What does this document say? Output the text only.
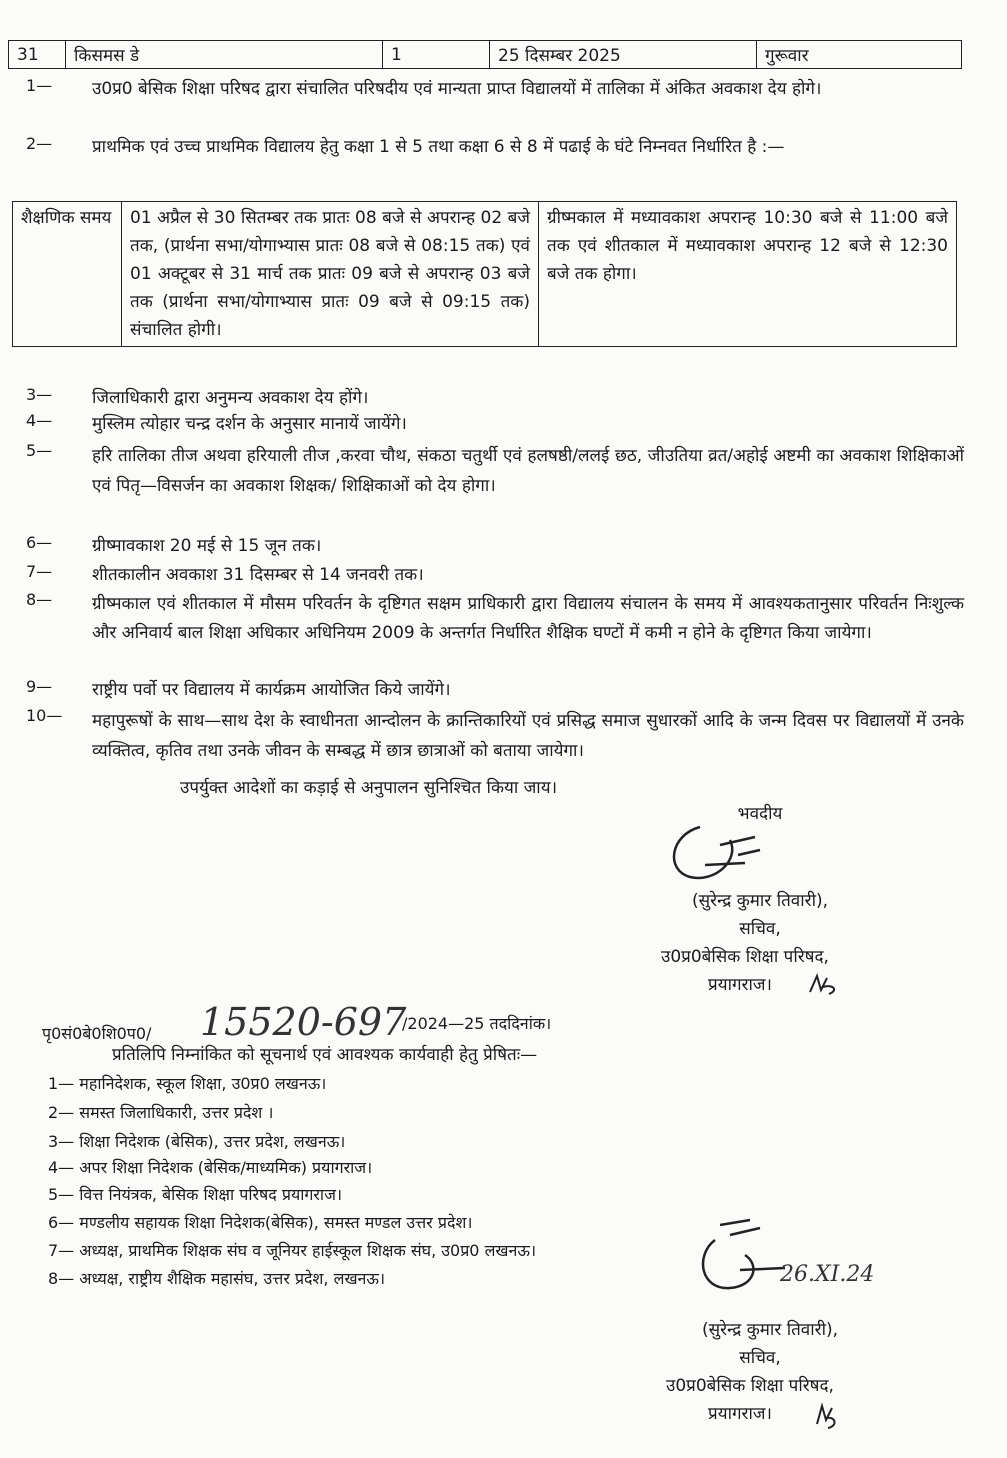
31	किसमस डे	1	25 दिसम्बर 2025	गुरूवार
1— उ0प्र0 बेसिक शिक्षा परिषद द्वारा संचालित परिषदीय एवं मान्यता प्राप्त विद्यालयों में तालिका में अंकित अवकाश देय होगे।
2— प्राथमिक एवं उच्च प्राथमिक विद्यालय हेतु कक्षा 1 से 5 तथा कक्षा 6 से 8 में पढाई के घंटे निम्नवत निर्धारित है :—
शैक्षणिक समय	01 अप्रैल से 30 सितम्बर तक प्रातः 08 बजे से अपरान्ह 02 बजे तक, (प्रार्थना सभा/योगाभ्यास प्रातः 08 बजे से 08:15 तक) एवं 01 अक्टूबर से 31 मार्च तक प्रातः 09 बजे से अपरान्ह 03 बजे तक (प्रार्थना सभा/योगाभ्यास प्रातः 09 बजे से 09:15 तक) संचालित होगी।	ग्रीष्मकाल में मध्यावकाश अपरान्ह 10:30 बजे से 11:00 बजे तक एवं शीतकाल में मध्यावकाश अपरान्ह 12 बजे से 12:30 बजे तक होगा।
3— जिलाधिकारी द्वारा अनुमन्य अवकाश देय होंगे।
4— मुस्लिम त्योहार चन्द्र दर्शन के अनुसार मानायें जायेंगे।
5— हरि तालिका तीज अथवा हरियाली तीज ,करवा चौथ, संकठा चतुर्थी एवं हलषष्ठी/ललई छठ, जीउतिया व्रत/अहोई अष्टमी का अवकाश शिक्षिकाओं एवं पितृ—विसर्जन का अवकाश शिक्षक/ शिक्षिकाओं को देय होगा।
6— ग्रीष्मावकाश 20 मई से 15 जून तक।
7— शीतकालीन अवकाश 31 दिसम्बर से 14 जनवरी तक।
8— ग्रीष्मकाल एवं शीतकाल में मौसम परिवर्तन के दृष्टिगत सक्षम प्राधिकारी द्वारा विद्यालय संचालन के समय में आवश्यकतानुसार परिवर्तन निःशुल्क और अनिवार्य बाल शिक्षा अधिकार अधिनियम 2009 के अन्तर्गत निर्धारित शैक्षिक घण्टों में कमी न होने के दृष्टिगत किया जायेगा।
9— राष्ट्रीय पर्वो पर विद्यालय में कार्यक्रम आयोजित किये जायेंगे।
10— महापुरूषों के साथ—साथ देश के स्वाधीनता आन्दोलन के क्रान्तिकारियों एवं प्रसिद्ध समाज सुधारकों आदि के जन्म दिवस पर विद्यालयों में उनके व्यक्तित्व, कृतिव तथा उनके जीवन के सम्बद्ध में छात्र छात्राओं को बताया जायेगा।
उपर्युक्त आदेशों का कड़ाई से अनुपालन सुनिश्चित किया जाय।
भवदीय
(सुरेन्द्र कुमार तिवारी),
सचिव,
उ0प्र0बेसिक शिक्षा परिषद,
प्रयागराज।
पृ0सं0बे0शि0प0/ 15520-697
/2024—25 तददिनांक।
प्रतिलिपि निम्नांकित को सूचनार्थ एवं आवश्यक कार्यवाही हेतु प्रेषितः—
1— महानिदेशक, स्कूल शिक्षा, उ0प्र0 लखनऊ।
2— समस्त जिलाधिकारी, उत्तर प्रदेश ।
3— शिक्षा निदेशक (बेसिक), उत्तर प्रदेश, लखनऊ।
4— अपर शिक्षा निदेशक (बेसिक/माध्यमिक) प्रयागराज।
5— वित्त नियंत्रक, बेसिक शिक्षा परिषद प्रयागराज।
6— मण्डलीय सहायक शिक्षा निदेशक(बेसिक), समस्त मण्डल उत्तर प्रदेश।
7— अध्यक्ष, प्राथमिक शिक्षक संघ व जूनियर हाईस्कूल शिक्षक संघ, उ0प्र0 लखनऊ।
8— अध्यक्ष, राष्ट्रीय शैक्षिक महासंघ, उत्तर प्रदेश, लखनऊ।	26.XI.24
(सुरेन्द्र कुमार तिवारी),
सचिव,
उ0प्र0बेसिक शिक्षा परिषद,
प्रयागराज।
